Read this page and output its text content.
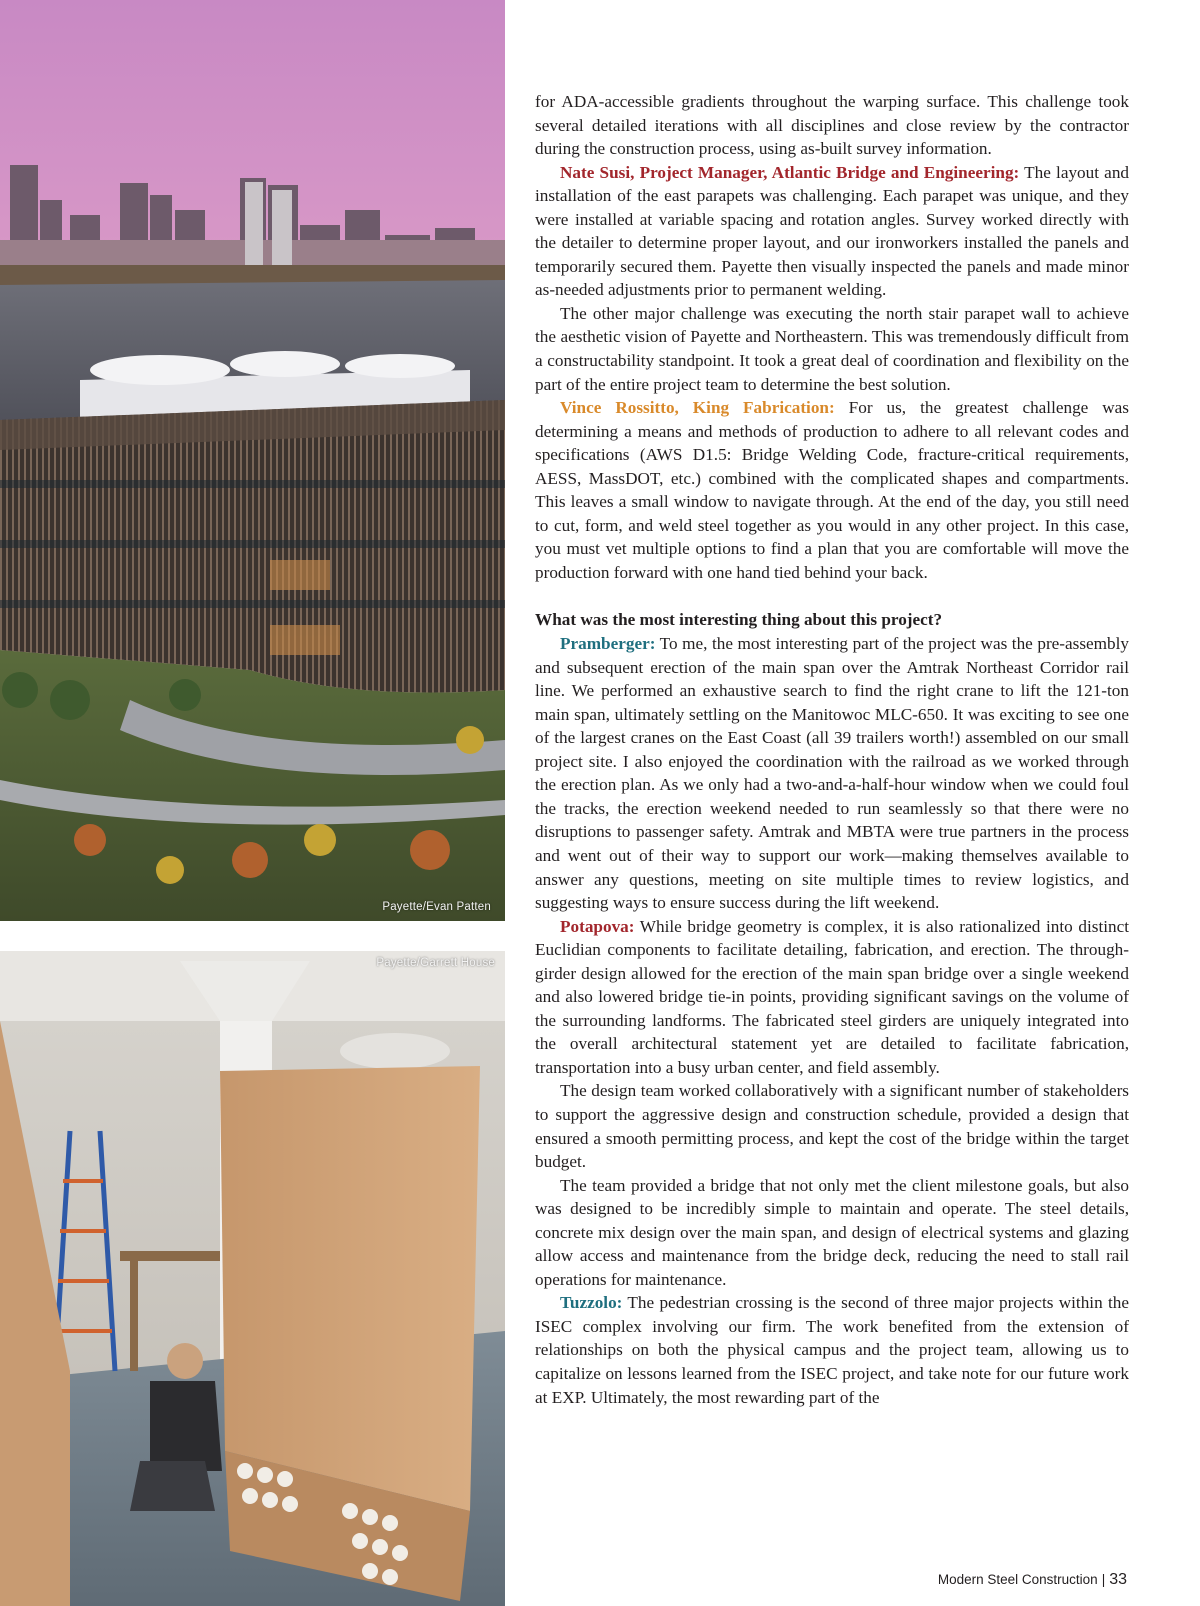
Payette/Evan Patten
Payette/Garrett House

for ADA-accessible gradients throughout the warping surface. This challenge took several detailed iterations with all disciplines and close review by the contractor during the construction process, using as-built survey information.

Nate Susi, Project Manager, Atlantic Bridge and Engineering: The layout and installation of the east parapets was challenging. Each parapet was unique, and they were installed at variable spacing and rotation angles. Survey worked directly with the detailer to determine proper layout, and our ironworkers installed the panels and temporarily secured them. Payette then visually inspected the panels and made minor as-needed adjustments prior to permanent welding.

The other major challenge was executing the north stair parapet wall to achieve the aesthetic vision of Payette and Northeastern. This was tremendously difficult from a constructability standpoint. It took a great deal of coordination and flexibility on the part of the entire project team to determine the best solution.

Vince Rossitto, King Fabrication: For us, the greatest challenge was determining a means and methods of production to adhere to all relevant codes and specifications (AWS D1.5: Bridge Welding Code, fracture-critical requirements, AESS, MassDOT, etc.) combined with the complicated shapes and compartments. This leaves a small window to navigate through. At the end of the day, you still need to cut, form, and weld steel together as you would in any other project. In this case, you must vet multiple options to find a plan that you are comfortable will move the production forward with one hand tied behind your back.

What was the most interesting thing about this project?

Pramberger: To me, the most interesting part of the project was the pre-assembly and subsequent erection of the main span over the Amtrak Northeast Corridor rail line. We performed an exhaustive search to find the right crane to lift the 121-ton main span, ultimately settling on the Manitowoc MLC-650. It was exciting to see one of the largest cranes on the East Coast (all 39 trailers worth!) assembled on our small project site. I also enjoyed the coordination with the railroad as we worked through the erection plan. As we only had a two-and-a-half-hour window when we could foul the tracks, the erection weekend needed to run seamlessly so that there were no disruptions to passenger safety. Amtrak and MBTA were true partners in the process and went out of their way to support our work—making themselves available to answer any questions, meeting on site multiple times to review logistics, and suggesting ways to ensure success during the lift weekend.

Potapova: While bridge geometry is complex, it is also rationalized into distinct Euclidian components to facilitate detailing, fabrication, and erection. The through-girder design allowed for the erection of the main span bridge over a single weekend and also lowered bridge tie-in points, providing significant savings on the volume of the surrounding landforms. The fabricated steel girders are uniquely integrated into the overall architectural statement yet are detailed to facilitate fabrication, transportation into a busy urban center, and field assembly.

The design team worked collaboratively with a significant number of stakeholders to support the aggressive design and construction schedule, provided a design that ensured a smooth permitting process, and kept the cost of the bridge within the target budget.

The team provided a bridge that not only met the client milestone goals, but also was designed to be incredibly simple to maintain and operate. The steel details, concrete mix design over the main span, and design of electrical systems and glazing allow access and maintenance from the bridge deck, reducing the need to stall rail operations for maintenance.

Tuzzolo: The pedestrian crossing is the second of three major projects within the ISEC complex involving our firm. The work benefited from the extension of relationships on both the physical campus and the project team, allowing us to capitalize on lessons learned from the ISEC project, and take note for our future work at EXP. Ultimately, the most rewarding part of the

Modern Steel Construction | 33
